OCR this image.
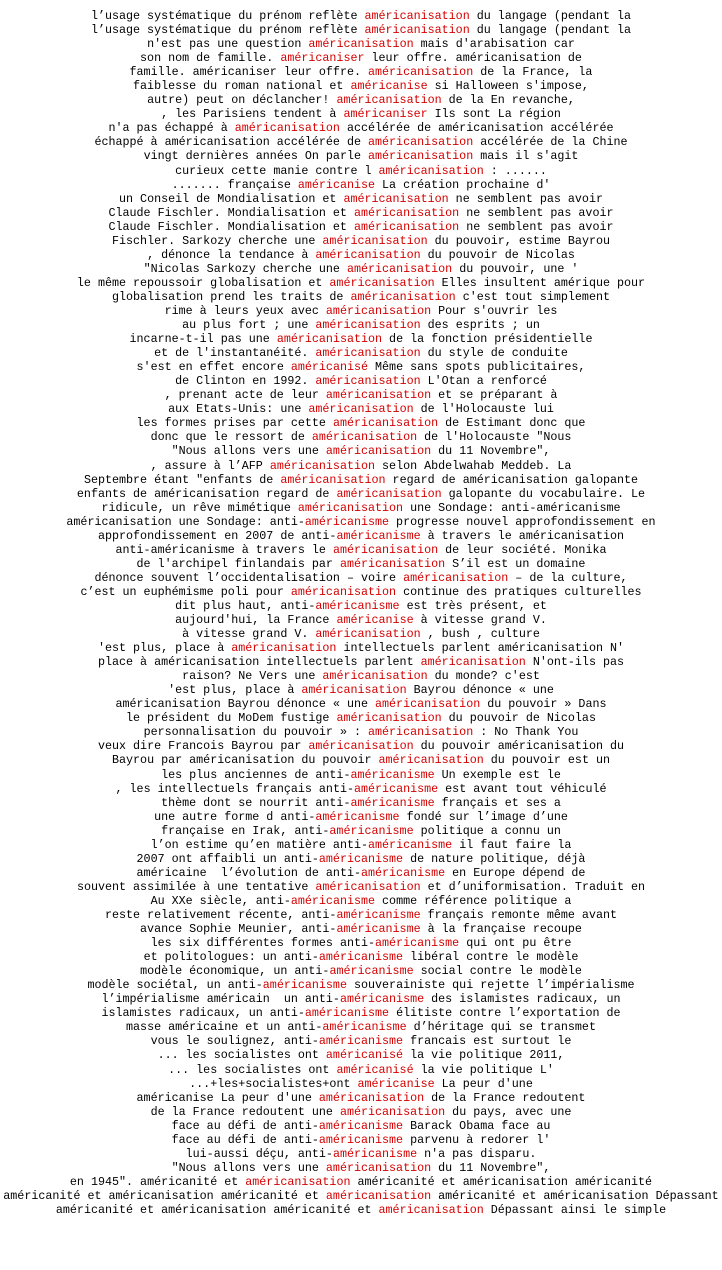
l’usage systématique du prénom reflète américanisation du langage (pendant la
l’usage systématique du prénom reflète américanisation du langage (pendant la
n'est pas une question américanisation mais d'arabisation car
son nom de famille. américaniser leur offre. américanisation de
famille. américaniser leur offre. américanisation de la France, la
faiblesse du roman national et américanise si Halloween s'impose,
autre) peut on déclancher! américanisation de la En revanche,
, les Parisiens tendent à américaniser Ils sont La région
n'a pas échappé à américanisation accélérée de américanisation accélérée
échappé à américanisation accélérée de américanisation accélérée de la Chine
vingt dernières années On parle américanisation mais il s'agit
curieux cette manie contre l américanisation : ......
....... française américanise La création prochaine d'
un Conseil de Mondialisation et américanisation ne semblent pas avoir
Claude Fischler. Mondialisation et américanisation ne semblent pas avoir
Claude Fischler. Mondialisation et américanisation ne semblent pas avoir
Fischler. Sarkozy cherche une américanisation du pouvoir, estime Bayrou
, dénonce la tendance à américanisation du pouvoir de Nicolas
"Nicolas Sarkozy cherche une américanisation du pouvoir, une '
le même repoussoir globalisation et américanisation Elles insultent amérique pour
globalisation prend les traits de américanisation c'est tout simplement
rime à leurs yeux avec américanisation Pour s'ouvrir les
au plus fort ; une américanisation des esprits ; un
incarne-t-il pas une américanisation de la fonction présidentielle
et de l'instantanéité. américanisation du style de conduite
s'est en effet encore américanisé Même sans spots publicitaires,
de Clinton en 1992. américanisation L'Otan a renforcé
, prenant acte de leur américanisation et se préparant à
aux Etats-Unis: une américanisation de l'Holocauste lui
les formes prises par cette américanisation de Estimant donc que
donc que le ressort de américanisation de l'Holocauste "Nous
"Nous allons vers une américanisation du 11 Novembre",
, assure à l’AFP américanisation selon Abdelwahab Meddeb. La
Septembre étant "enfants de américanisation regard de américanisation galopante
enfants de américanisation regard de américanisation galopante du vocabulaire. Le
ridicule, un rêve mimétique américanisation une Sondage: anti-américanisme
américanisation une Sondage: anti-américanisme progresse nouvel approfondissement en
approfondissement en 2007 de anti-américanisme à travers le américanisation
anti-américanisme à travers le américanisation de leur société. Monika
de l'archipel finlandais par américanisation S’il est un domaine
dénonce souvent l’occidentalisation – voire américanisation – de la culture,
c’est un euphémisme poli pour américanisation continue des pratiques culturelles
dit plus haut, anti-américanisme est très présent, et
aujourd'hui, la France américanise à vitesse grand V.
à vitesse grand V. américanisation , bush , culture
'est plus, place à américanisation intellectuels parlent américanisation N'
place à américanisation intellectuels parlent américanisation N'ont-ils pas
raison? Ne Vers une américanisation du monde? c'est
'est plus, place à américanisation Bayrou dénonce « une
américanisation Bayrou dénonce « une américanisation du pouvoir » Dans
le président du MoDem fustige américanisation du pouvoir de Nicolas
personnalisation du pouvoir » : américanisation : No Thank You
veux dire Francois Bayrou par américanisation du pouvoir américanisation du
Bayrou par américanisation du pouvoir américanisation du pouvoir est un
les plus anciennes de anti-américanisme Un exemple est le
, les intellectuels français anti-américanisme est avant tout véhiculé
thème dont se nourrit anti-américanisme français et ses a
une autre forme d anti-américanisme fondé sur l’image d’une
française en Irak, anti-américanisme politique a connu un
l’on estime qu’en matière anti-américanisme il faut faire la
2007 ont affaibli un anti-américanisme de nature politique, déjà
américaine  l’évolution de anti-américanisme en Europe dépend de
souvent assimilée à une tentative américanisation et d’uniformisation. Traduit en
Au XXe siècle, anti-américanisme comme référence politique a
reste relativement récente, anti-américanisme français remonte même avant
avance Sophie Meunier, anti-américanisme à la française recoupe
les six différentes formes anti-américanisme qui ont pu être
et politologues: un anti-américanisme libéral contre le modèle
modèle économique, un anti-américanisme social contre le modèle
modèle sociétal, un anti-américanisme souverainiste qui rejette l’impérialisme
l’impérialisme américain  un anti-américanisme des islamistes radicaux, un
islamistes radicaux, un anti-américanisme élitiste contre l’exportation de
masse américaine et un anti-américanisme d’héritage qui se transmet
vous le soulignez, anti-américanisme francais est surtout le
... les socialistes ont américanisé la vie politique 2011,
... les socialistes ont américanisé la vie politique L'
...+les+socialistes+ont américanise La peur d'une
américanise La peur d'une américanisation de la France redoutent
de la France redoutent une américanisation du pays, avec une
face au défi de anti-américanisme Barack Obama face au
face au défi de anti-américanisme parvenu à redorer l'
lui-aussi déçu, anti-américanisme n'a pas disparu.
"Nous allons vers une américanisation du 11 Novembre",
en 1945". américanité et américanisation américanité et américanisation américanité
américanité et américanisation américanité et américanisation américanité et américanisation Dépassant
américanité et américanisation américanité et américanisation Dépassant ainsi le simple
